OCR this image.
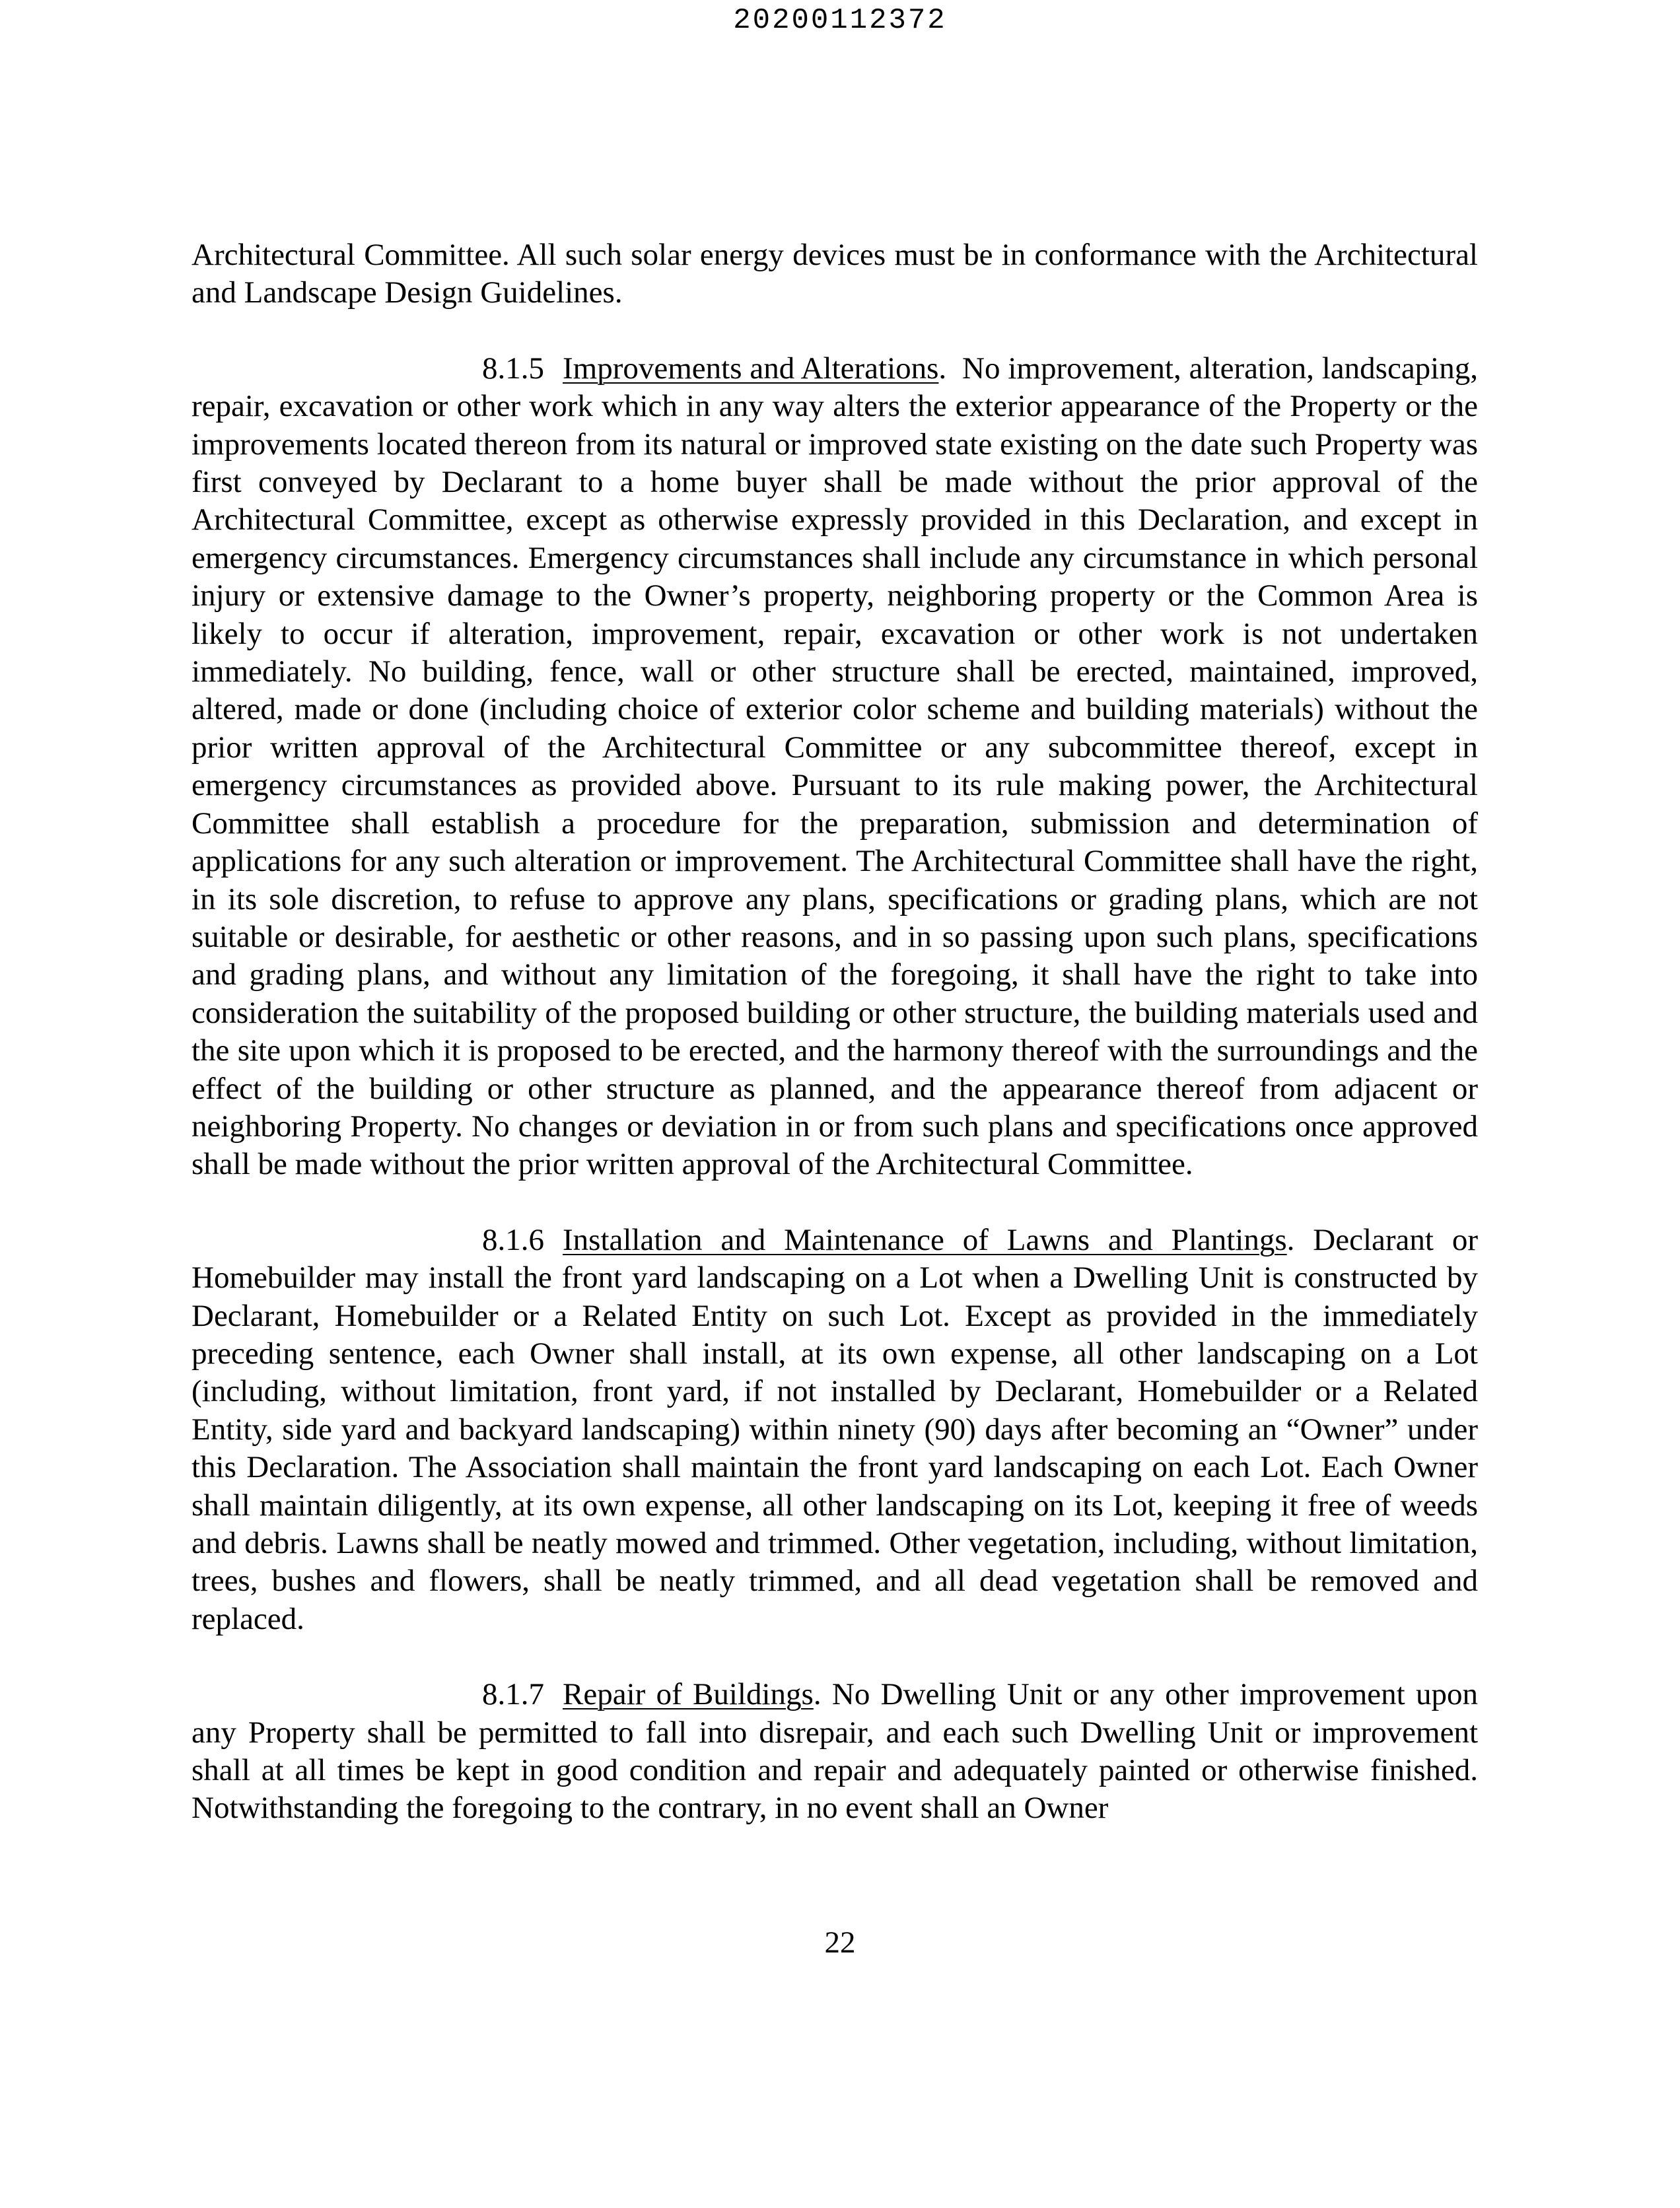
20200112372

Architectural Committee. All such solar energy devices must be in conformance with the Architectural and Landscape Design Guidelines.

8.1.5 Improvements and Alterations.  No improvement, alteration, landscaping, repair, excavation or other work which in any way alters the exterior appearance of the Property or the improvements located thereon from its natural or improved state existing on the date such Property was first conveyed by Declarant to a home buyer shall be made without the prior approval of the Architectural Committee, except as otherwise expressly provided in this Declaration, and except in emergency circumstances. Emergency circumstances shall include any circumstance in which personal injury or extensive damage to the Owner’s property, neighboring property or the Common Area is likely to occur if alteration, improvement, repair, excavation or other work is not undertaken immediately. No building, fence, wall or other structure shall be erected, maintained, improved, altered, made or done (including choice of exterior color scheme and building materials) without the prior written approval of the Architectural Committee or any subcommittee thereof, except in emergency circumstances as provided above. Pursuant to its rule making power, the Architectural Committee shall establish a procedure for the preparation, submission and determination of applications for any such alteration or improvement. The Architectural Committee shall have the right, in its sole discretion, to refuse to approve any plans, specifications or grading plans, which are not suitable or desirable, for aesthetic or other reasons, and in so passing upon such plans, specifications and grading plans, and without any limitation of the foregoing, it shall have the right to take into consideration the suitability of the proposed building or other structure, the building materials used and the site upon which it is proposed to be erected, and the harmony thereof with the surroundings and the effect of the building or other structure as planned, and the appearance thereof from adjacent or neighboring Property. No changes or deviation in or from such plans and specifications once approved shall be made without the prior written approval of the Architectural Committee.

8.1.6 Installation and Maintenance of Lawns and Plantings. Declarant or Homebuilder may install the front yard landscaping on a Lot when a Dwelling Unit is constructed by Declarant, Homebuilder or a Related Entity on such Lot. Except as provided in the immediately preceding sentence, each Owner shall install, at its own expense, all other landscaping on a Lot (including, without limitation, front yard, if not installed by Declarant, Homebuilder or a Related Entity, side yard and backyard landscaping) within ninety (90) days after becoming an “Owner” under this Declaration. The Association shall maintain the front yard landscaping on each Lot. Each Owner shall maintain diligently, at its own expense, all other landscaping on its Lot, keeping it free of weeds and debris. Lawns shall be neatly mowed and trimmed. Other vegetation, including, without limitation, trees, bushes and flowers, shall be neatly trimmed, and all dead vegetation shall be removed and replaced.

8.1.7 Repair of Buildings. No Dwelling Unit or any other improvement upon any Property shall be permitted to fall into disrepair, and each such Dwelling Unit or improvement shall at all times be kept in good condition and repair and adequately painted or otherwise finished. Notwithstanding the foregoing to the contrary, in no event shall an Owner

22
